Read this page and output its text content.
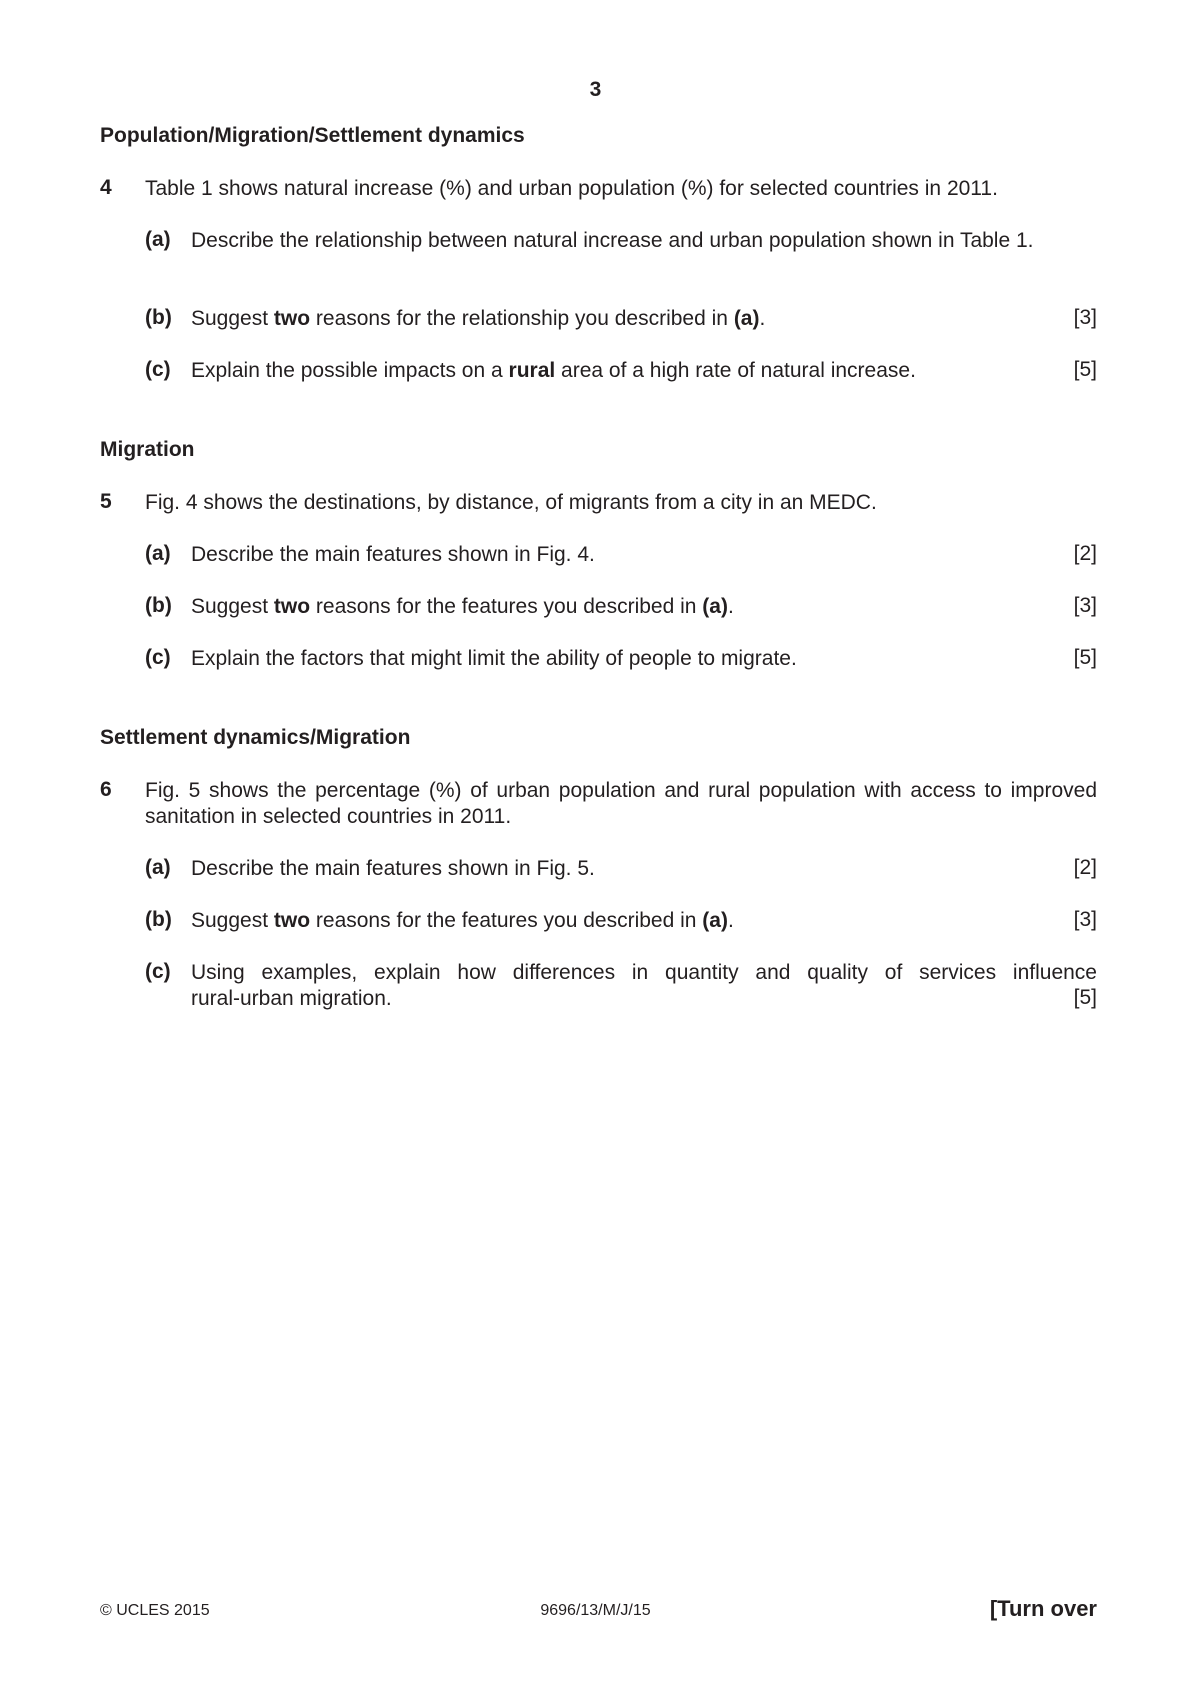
3
Population/Migration/Settlement dynamics
4 Table 1 shows natural increase (%) and urban population (%) for selected countries in 2011.
(a) Describe the relationship between natural increase and urban population shown in Table 1.
(b) Suggest two reasons for the relationship you described in (a).	[3]
(c) Explain the possible impacts on a rural area of a high rate of natural increase.	[5]
Migration
5 Fig. 4 shows the destinations, by distance, of migrants from a city in an MEDC.
(a) Describe the main features shown in Fig. 4.	[2]
(b) Suggest two reasons for the features you described in (a).	[3]
(c) Explain the factors that might limit the ability of people to migrate.	[5]
Settlement dynamics/Migration
6 Fig. 5 shows the percentage (%) of urban population and rural population with access to improved
sanitation in selected countries in 2011.
(a) Describe the main features shown in Fig. 5.	[2]
(b) Suggest two reasons for the features you described in (a).	[3]
(c) Using examples, explain how differences in quantity and quality of services influence
rural-urban migration.	[5]
© UCLES 2015	9696/13/M/J/15	[Turn over
